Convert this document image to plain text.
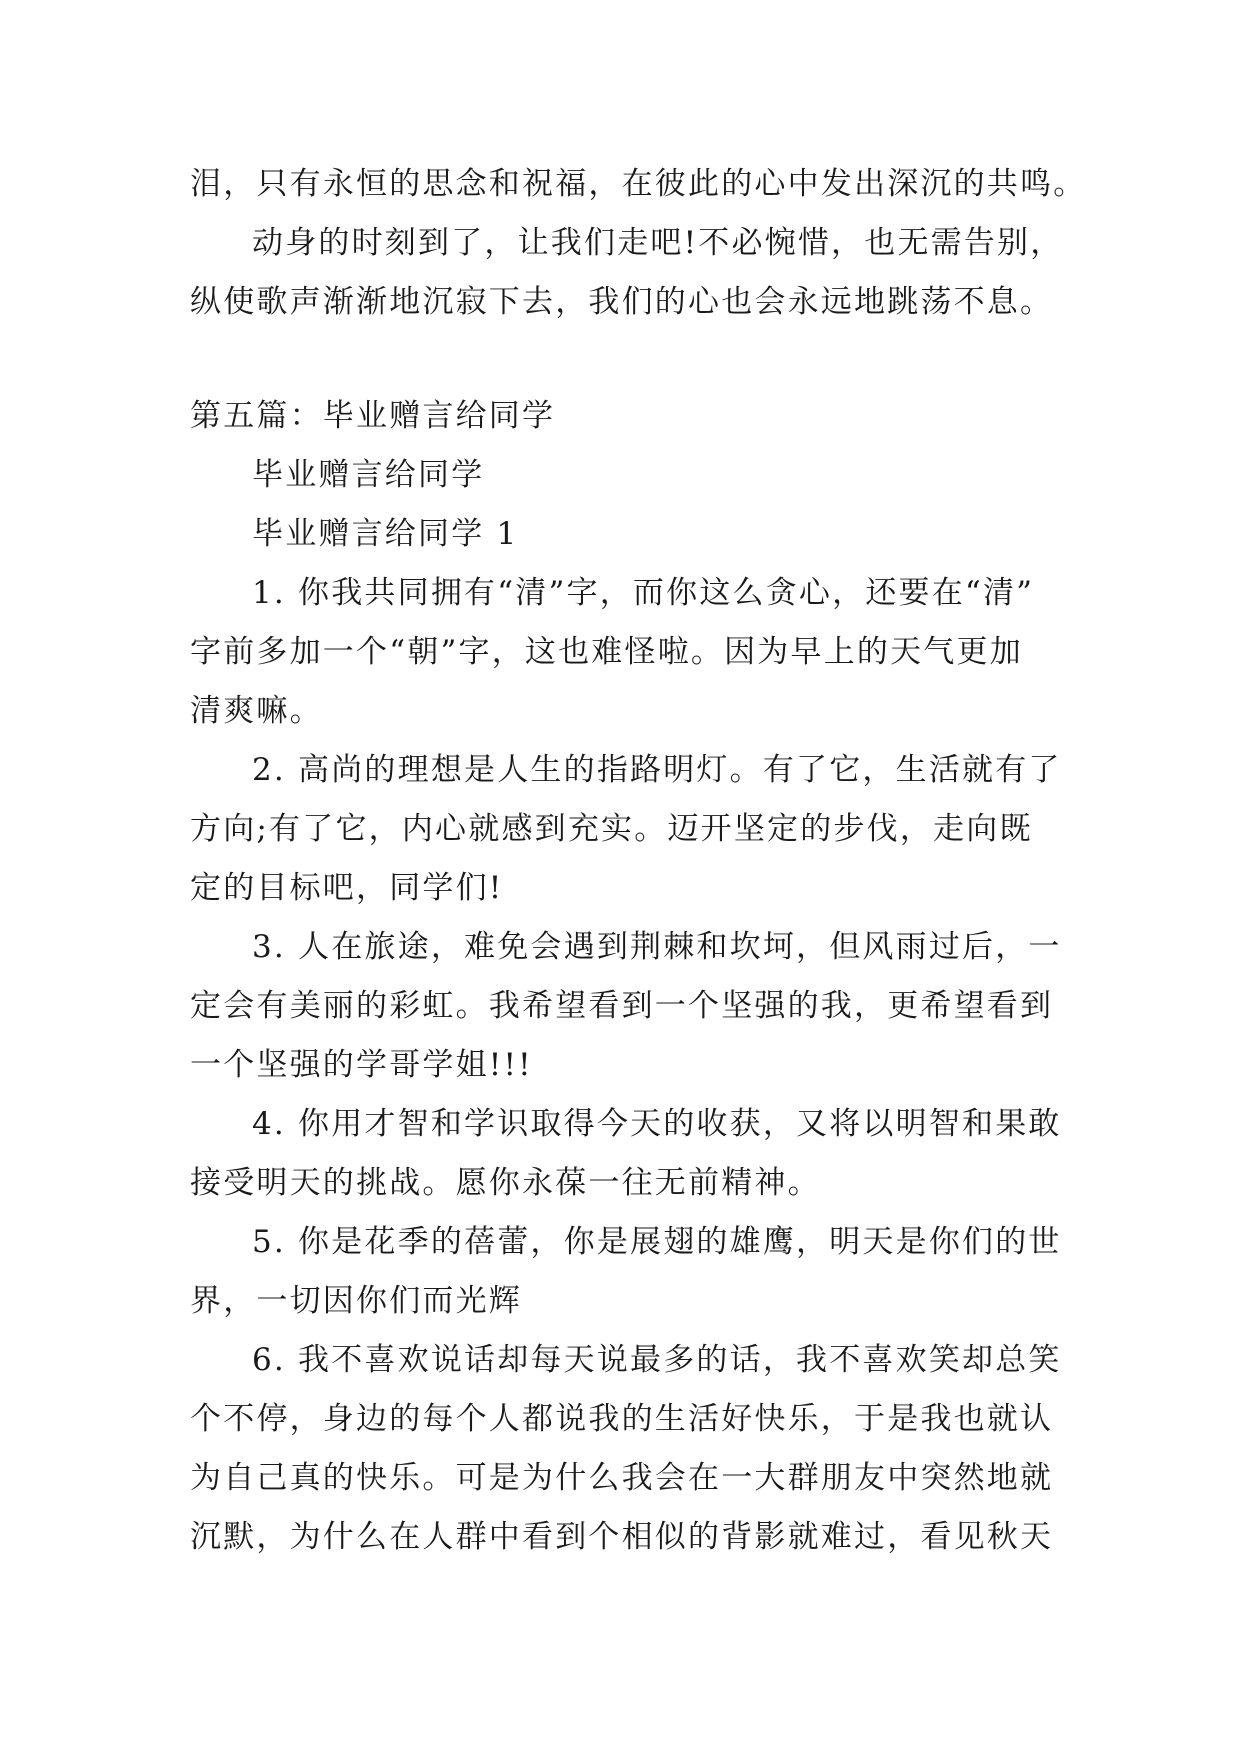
泪，只有永恒的思念和祝福，在彼此的心中发出深沉的共鸣。
动身的时刻到了，让我们走吧!不必惋惜，也无需告别，
纵使歌声渐渐地沉寂下去，我们的心也会永远地跳荡不息。
第五篇：毕业赠言给同学
毕业赠言给同学
毕业赠言给同学 1
1. 你我共同拥有“清”字，而你这么贪心，还要在“清”
字前多加一个“朝”字，这也难怪啦。因为早上的天气更加
清爽嘛。
2. 高尚的理想是人生的指路明灯。有了它，生活就有了
方向;有了它，内心就感到充实。迈开坚定的步伐，走向既
定的目标吧，同学们!
3. 人在旅途，难免会遇到荆棘和坎坷，但风雨过后，一
定会有美丽的彩虹。我希望看到一个坚强的我，更希望看到
一个坚强的学哥学姐!!!
4. 你用才智和学识取得今天的收获，又将以明智和果敢
接受明天的挑战。愿你永葆一往无前精神。
5. 你是花季的蓓蕾，你是展翅的雄鹰，明天是你们的世
界，一切因你们而光辉
6. 我不喜欢说话却每天说最多的话，我不喜欢笑却总笑
个不停，身边的每个人都说我的生活好快乐，于是我也就认
为自己真的快乐。可是为什么我会在一大群朋友中突然地就
沉默，为什么在人群中看到个相似的背影就难过，看见秋天
